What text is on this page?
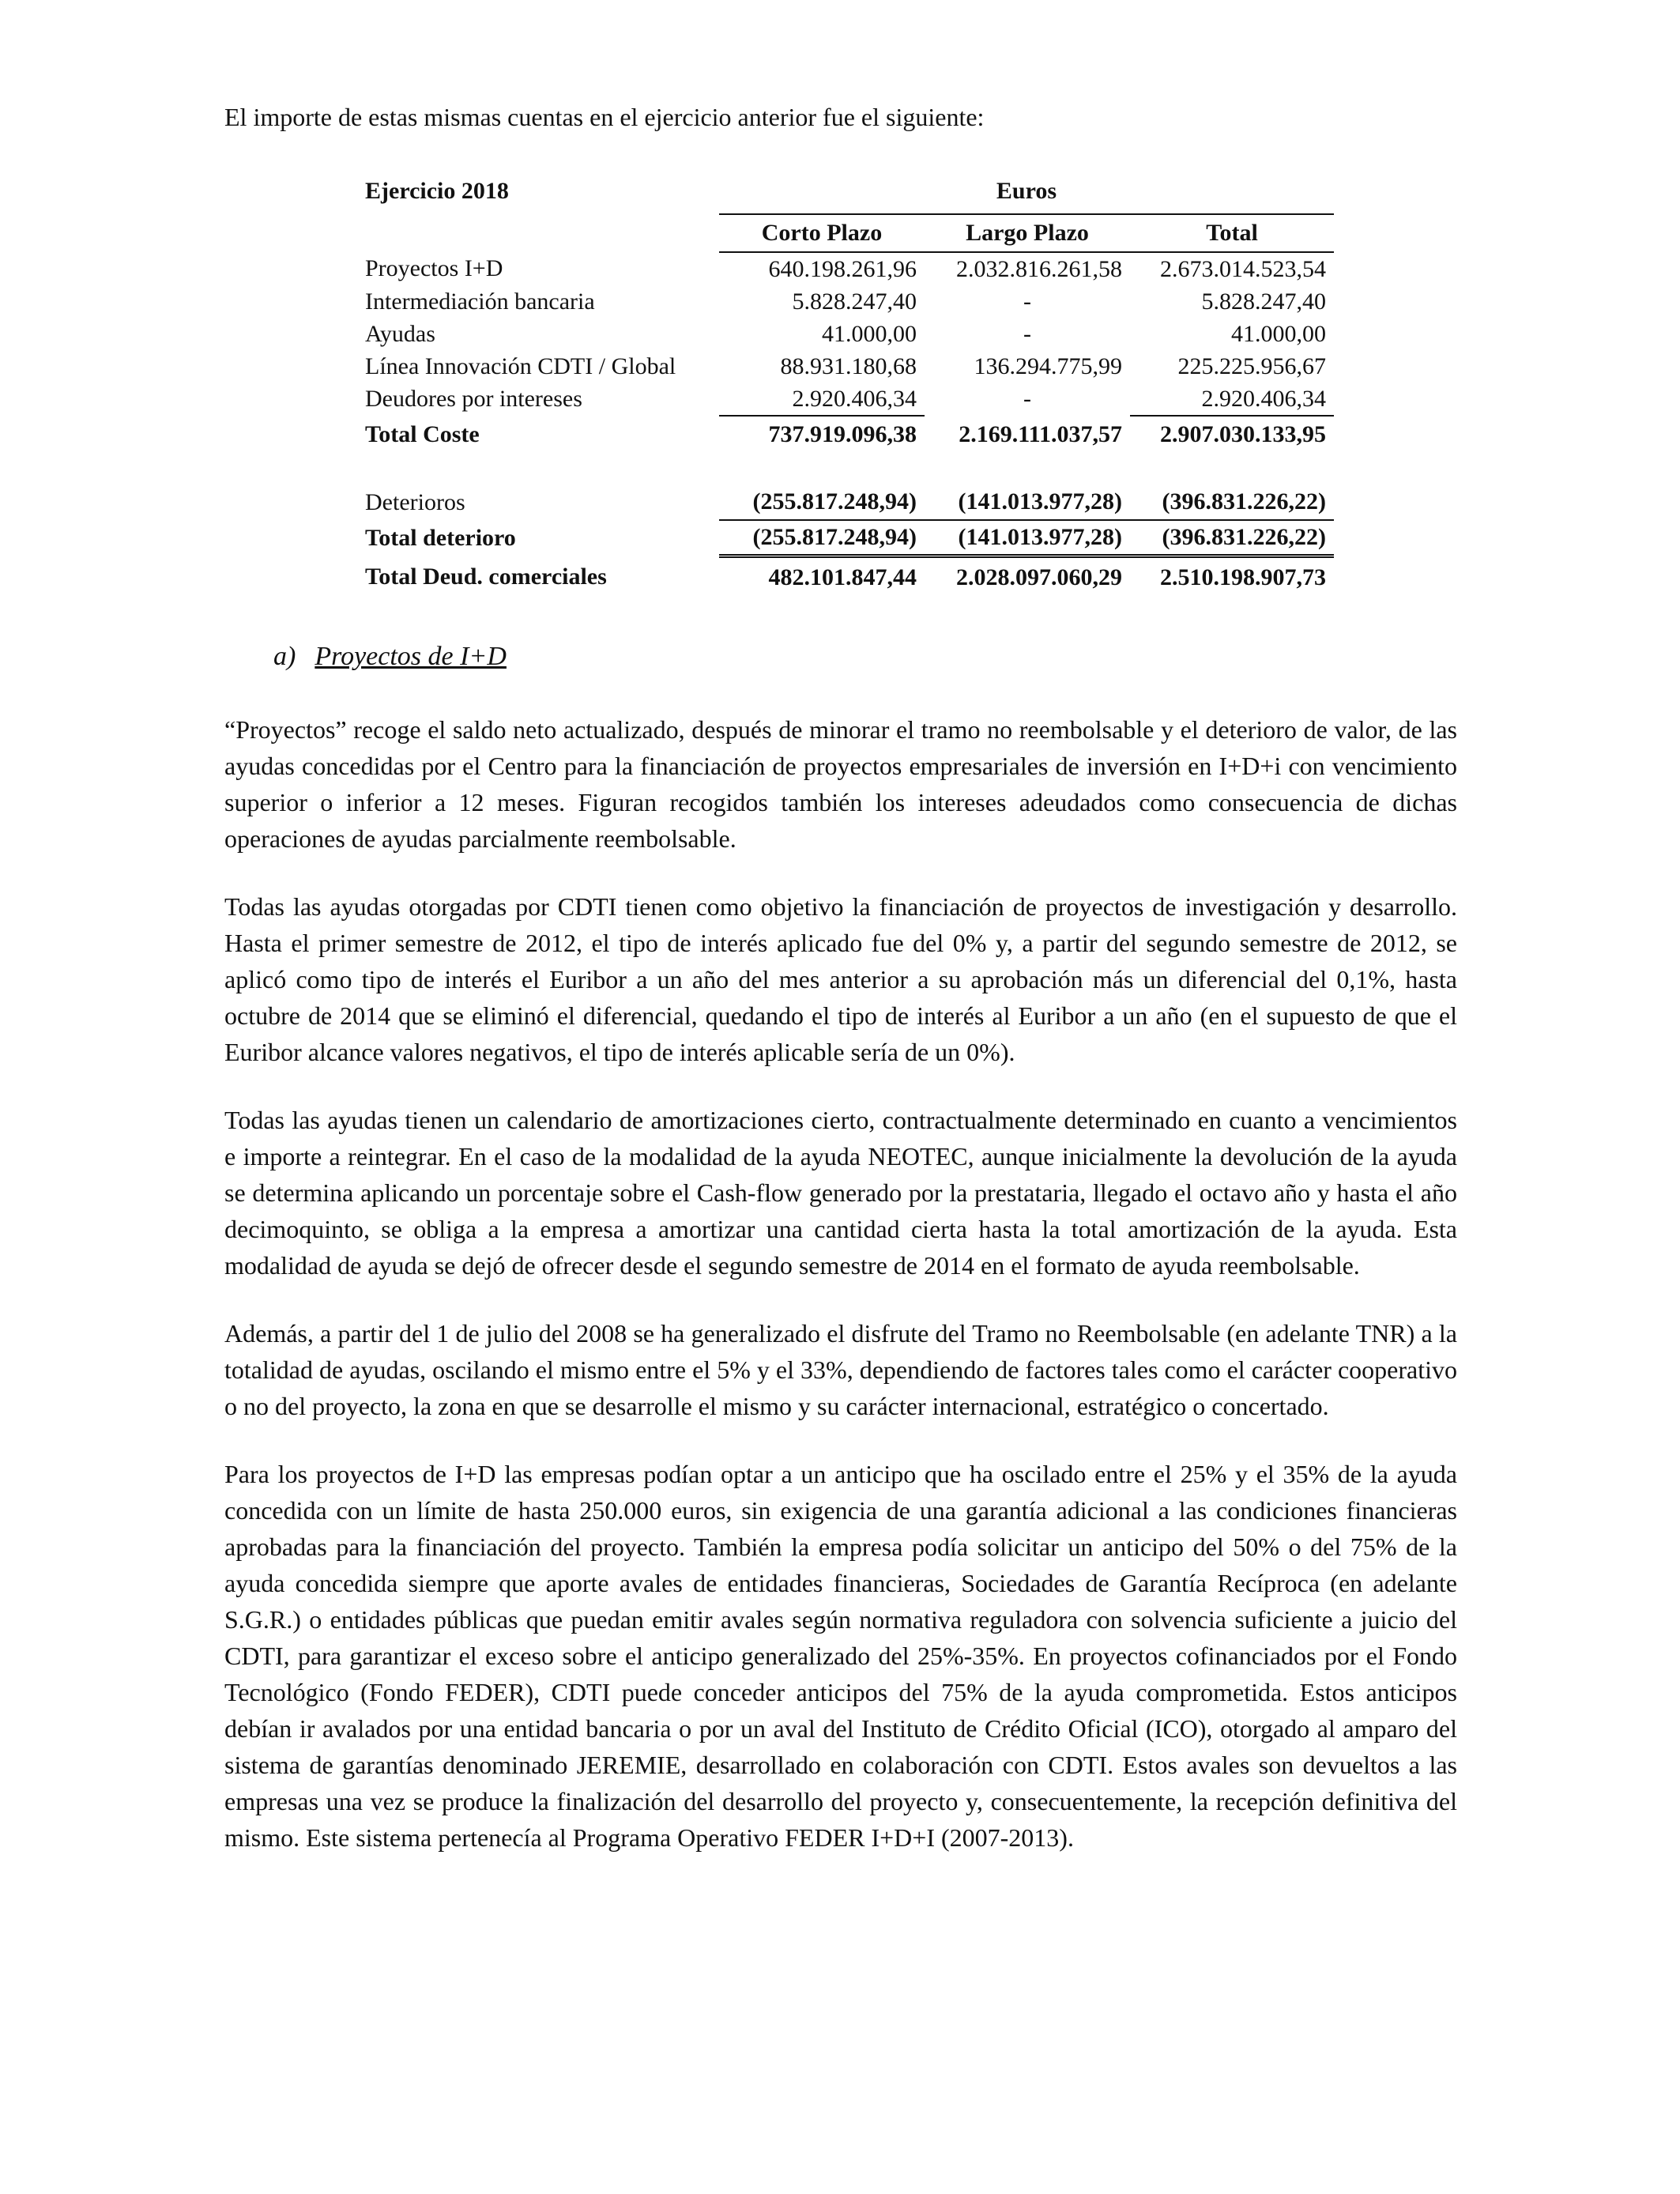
El importe de estas mismas cuentas en el ejercicio anterior fue el siguiente:

Ejercicio 2018	Euros		
	Corto Plazo	Largo Plazo	Total
Proyectos I+D	640.198.261,96	2.032.816.261,58	2.673.014.523,54
Intermediación bancaria	5.828.247,40	-	5.828.247,40
Ayudas	41.000,00	-	41.000,00
Línea Innovación CDTI / Global	88.931.180,68	136.294.775,99	225.225.956,67
Deudores por intereses	2.920.406,34	-	2.920.406,34
Total Coste	737.919.096,38	2.169.111.037,57	2.907.030.133,95

Deterioros	(255.817.248,94)	(141.013.977,28)	(396.831.226,22)
Total deterioro	(255.817.248,94)	(141.013.977,28)	(396.831.226,22)
Total Deud. comerciales	482.101.847,44	2.028.097.060,29	2.510.198.907,73

a) Proyectos de I+D

“Proyectos” recoge el saldo neto actualizado, después de minorar el tramo no reembolsable y el deterioro de valor, de las ayudas concedidas por el Centro para la financiación de proyectos empresariales de inversión en I+D+i con vencimiento superior o inferior a 12 meses. Figuran recogidos también los intereses adeudados como consecuencia de dichas operaciones de ayudas parcialmente reembolsable.

Todas las ayudas otorgadas por CDTI tienen como objetivo la financiación de proyectos de investigación y desarrollo. Hasta el primer semestre de 2012, el tipo de interés aplicado fue del 0% y, a partir del segundo semestre de 2012, se aplicó como tipo de interés el Euribor a un año del mes anterior a su aprobación más un diferencial del 0,1%, hasta octubre de 2014 que se eliminó el diferencial, quedando el tipo de interés al Euribor a un año (en el supuesto de que el Euribor alcance valores negativos, el tipo de interés aplicable sería de un 0%).

Todas las ayudas tienen un calendario de amortizaciones cierto, contractualmente determinado en cuanto a vencimientos e importe a reintegrar. En el caso de la modalidad de la ayuda NEOTEC, aunque inicialmente la devolución de la ayuda se determina aplicando un porcentaje sobre el Cash-flow generado por la prestataria, llegado el octavo año y hasta el año decimoquinto, se obliga a la empresa a amortizar una cantidad cierta hasta la total amortización de la ayuda. Esta modalidad de ayuda se dejó de ofrecer desde el segundo semestre de 2014 en el formato de ayuda reembolsable.

Además, a partir del 1 de julio del 2008 se ha generalizado el disfrute del Tramo no Reembolsable (en adelante TNR) a la totalidad de ayudas, oscilando el mismo entre el 5% y el 33%, dependiendo de factores tales como el carácter cooperativo o no del proyecto, la zona en que se desarrolle el mismo y su carácter internacional, estratégico o concertado.

Para los proyectos de I+D las empresas podían optar a un anticipo que ha oscilado entre el 25% y el 35% de la ayuda concedida con un límite de hasta 250.000 euros, sin exigencia de una garantía adicional a las condiciones financieras aprobadas para la financiación del proyecto. También la empresa podía solicitar un anticipo del 50% o del 75% de la ayuda concedida siempre que aporte avales de entidades financieras, Sociedades de Garantía Recíproca (en adelante S.G.R.) o entidades públicas que puedan emitir avales según normativa reguladora con solvencia suficiente a juicio del CDTI, para garantizar el exceso sobre el anticipo generalizado del 25%-35%. En proyectos cofinanciados por el Fondo Tecnológico (Fondo FEDER), CDTI puede conceder anticipos del 75% de la ayuda comprometida. Estos anticipos debían ir avalados por una entidad bancaria o por un aval del Instituto de Crédito Oficial (ICO), otorgado al amparo del sistema de garantías denominado JEREMIE, desarrollado en colaboración con CDTI. Estos avales son devueltos a las empresas una vez se produce la finalización del desarrollo del proyecto y, consecuentemente, la recepción definitiva del mismo. Este sistema pertenecía al Programa Operativo FEDER I+D+I (2007-2013).
